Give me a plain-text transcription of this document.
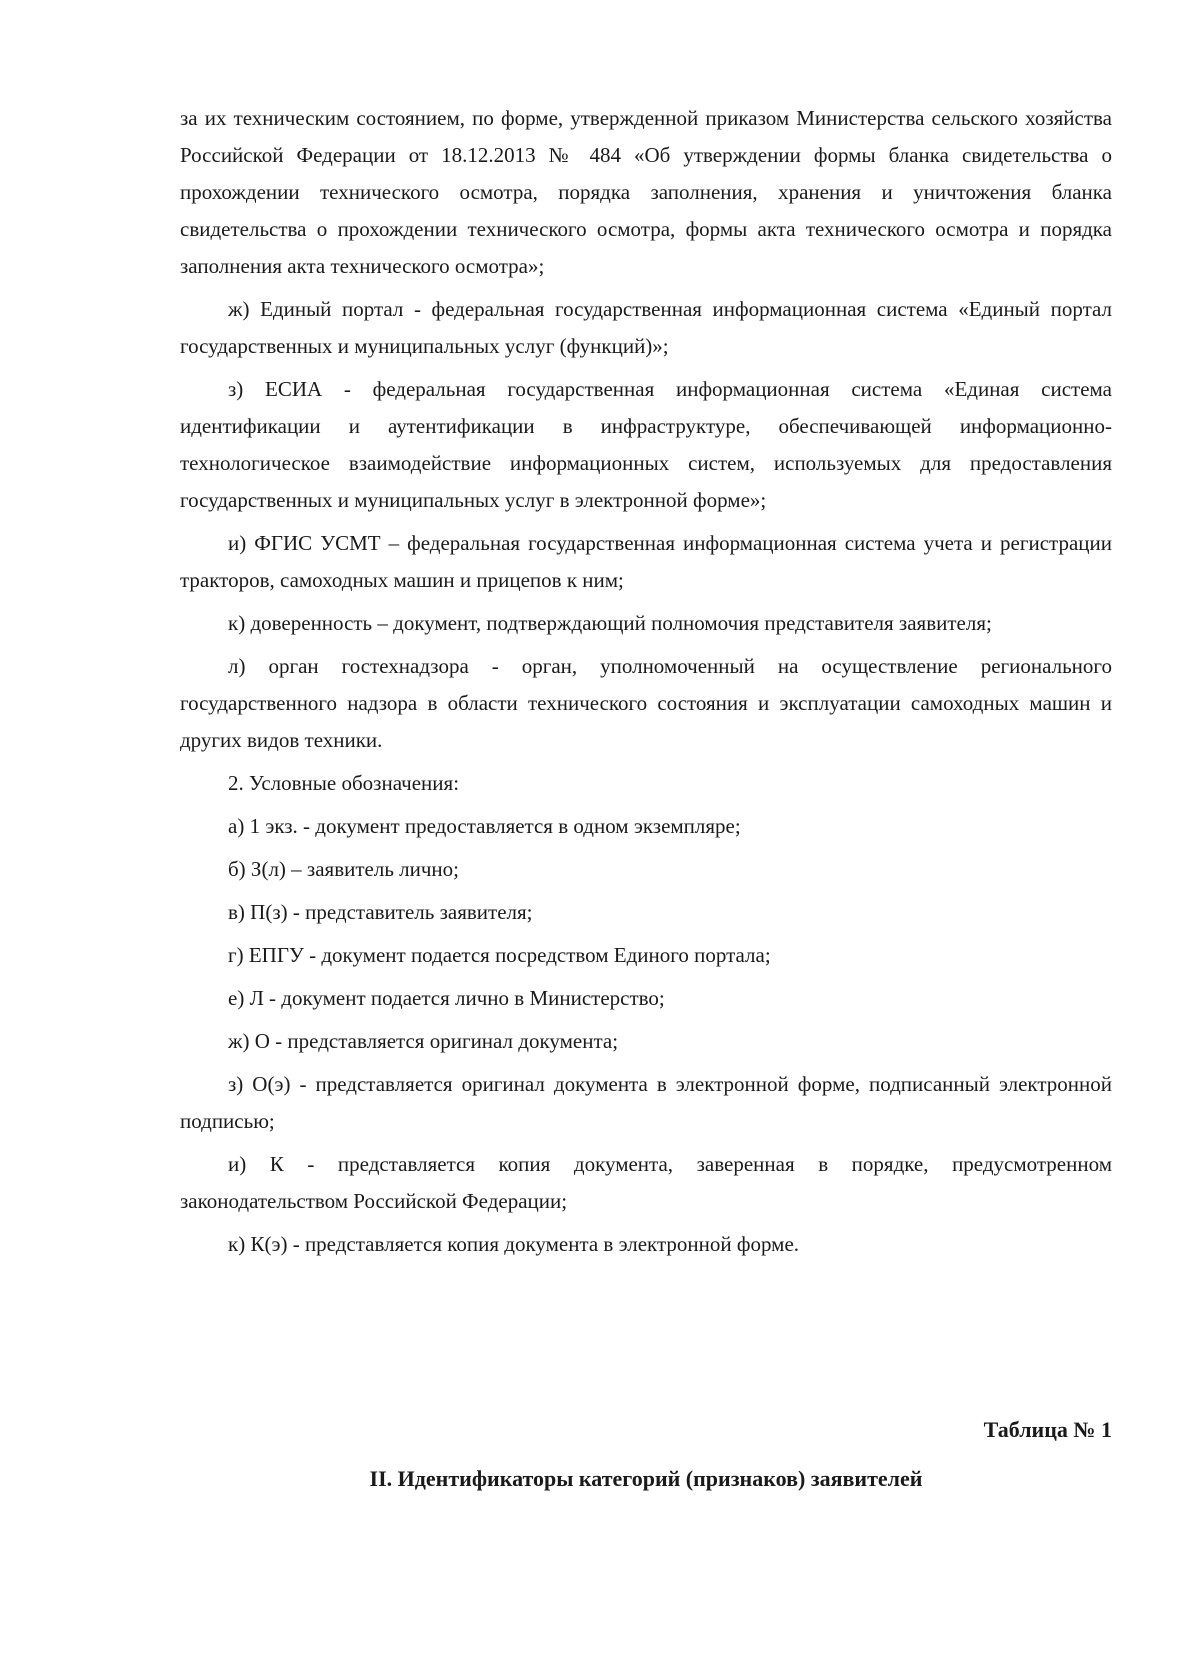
за их техническим состоянием, по форме, утвержденной приказом Министерства сельского хозяйства Российской Федерации от 18.12.2013 № 484 «Об утверждении формы бланка свидетельства о прохождении технического осмотра, порядка заполнения, хранения и уничтожения бланка свидетельства о прохождении технического осмотра, формы акта технического осмотра и порядка заполнения акта технического осмотра»;

ж) Единый портал - федеральная государственная информационная система «Единый портал государственных и муниципальных услуг (функций)»;

з) ЕСИА - федеральная государственная информационная система «Единая система идентификации и аутентификации в инфраструктуре, обеспечивающей информационно-технологическое взаимодействие информационных систем, используемых для предоставления государственных и муниципальных услуг в электронной форме»;

и) ФГИС УСМТ – федеральная государственная информационная система учета и регистрации тракторов, самоходных машин и прицепов к ним;

к) доверенность – документ, подтверждающий полномочия представителя заявителя;

л) орган гостехнадзора - орган, уполномоченный на осуществление регионального государственного надзора в области технического состояния и эксплуатации самоходных машин и других видов техники.

2. Условные обозначения:

а) 1 экз. - документ предоставляется в одном экземпляре;

б) З(л) – заявитель лично;

в) П(з) - представитель заявителя;

г) ЕПГУ - документ подается посредством Единого портала;

е) Л - документ подается лично в Министерство;

ж) О - представляется оригинал документа;

з) О(э) - представляется оригинал документа в электронной форме, подписанный электронной подписью;

и) К - представляется копия документа, заверенная в порядке, предусмотренном законодательством Российской Федерации;

к) К(э) - представляется копия документа в электронной форме.

Таблица № 1
II. Идентификаторы категорий (признаков) заявителей
